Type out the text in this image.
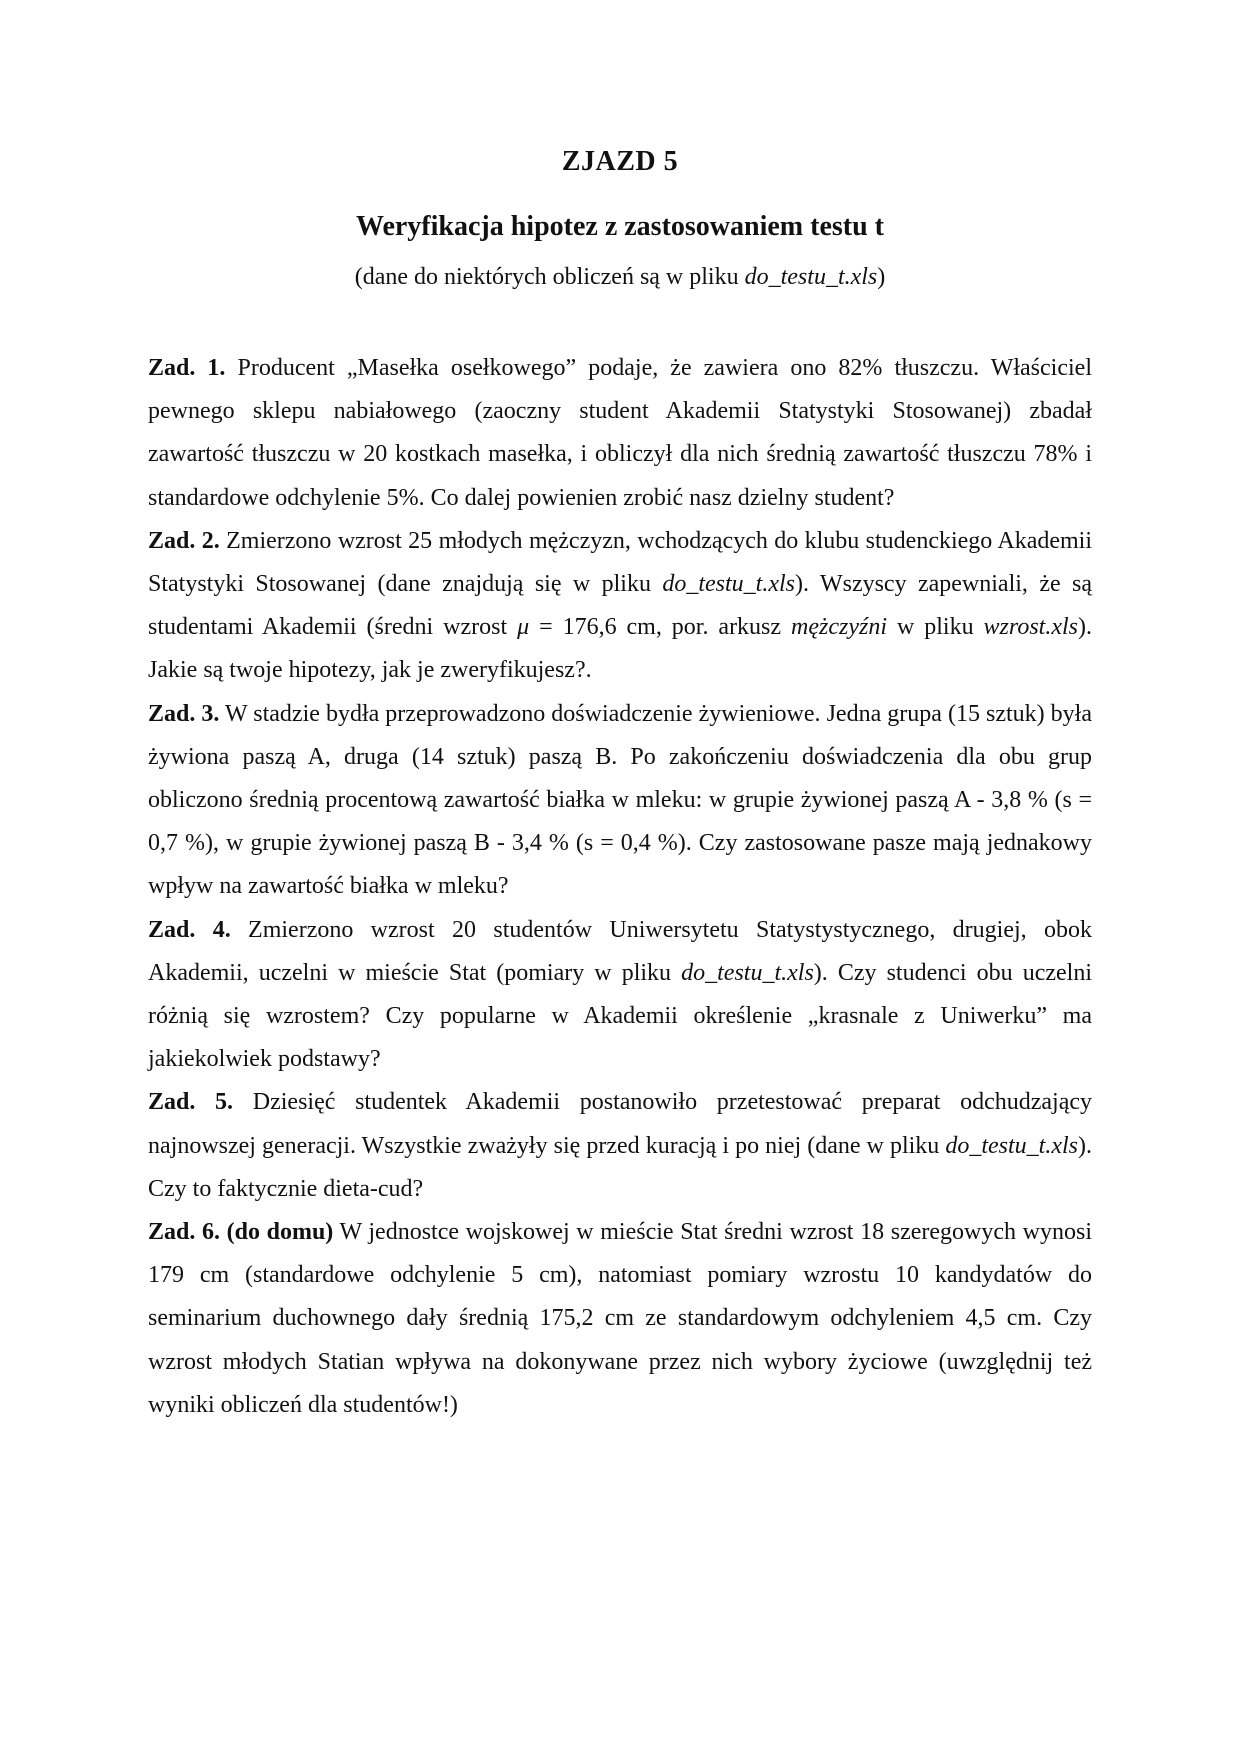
ZJAZD 5
Weryfikacja hipotez z zastosowaniem testu t
(dane do niektórych obliczeń są w pliku do_testu_t.xls)

Zad. 1. Producent „Masełka osełkowego” podaje, że zawiera ono 82% tłuszczu. Właściciel pewnego sklepu nabiałowego (zaoczny student Akademii Statystyki Stosowanej) zbadał zawartość tłuszczu w 20 kostkach masełka, i obliczył dla nich średnią zawartość tłuszczu 78% i standardowe odchylenie 5%. Co dalej powienien zrobić nasz dzielny student?

Zad. 2. Zmierzono wzrost 25 młodych mężczyzn, wchodzących do klubu studenckiego Akademii Statystyki Stosowanej (dane znajdują się w pliku do_testu_t.xls). Wszyscy zapewniali, że są studentami Akademii (średni wzrost μ = 176,6 cm, por. arkusz mężczyźni w pliku wzrost.xls). Jakie są twoje hipotezy, jak je zweryfikujesz?.

Zad. 3. W stadzie bydła przeprowadzono doświadczenie żywieniowe. Jedna grupa (15 sztuk) była żywiona paszą A, druga (14 sztuk) paszą B. Po zakończeniu doświadczenia dla obu grup obliczono średnią procentową zawartość białka w mleku: w grupie żywionej paszą A - 3,8 % (s = 0,7 %), w grupie żywionej paszą B - 3,4 % (s = 0,4 %). Czy zastosowane pasze mają jednakowy wpływ na zawartość białka w mleku?

Zad. 4. Zmierzono wzrost 20 studentów Uniwersytetu Statystystycznego, drugiej, obok Akademii, uczelni w mieście Stat (pomiary w pliku do_testu_t.xls). Czy studenci obu uczelni różnią się wzrostem? Czy popularne w Akademii określenie „krasnale z Uniwerku” ma jakiekolwiek podstawy?

Zad. 5. Dziesięć studentek Akademii postanowiło przetestować preparat odchudzający najnowszej generacji. Wszystkie zważyły się przed kuracją i po niej (dane w pliku do_testu_t.xls). Czy to faktycznie dieta-cud?

Zad. 6. (do domu) W jednostce wojskowej w mieście Stat średni wzrost 18 szeregowych wynosi 179 cm (standardowe odchylenie 5 cm), natomiast pomiary wzrostu 10 kandydatów do seminarium duchownego dały średnią 175,2 cm ze standardowym odchyleniem 4,5 cm. Czy wzrost młodych Statian wpływa na dokonywane przez nich wybory życiowe (uwzględnij też wyniki obliczeń dla studentów!)
